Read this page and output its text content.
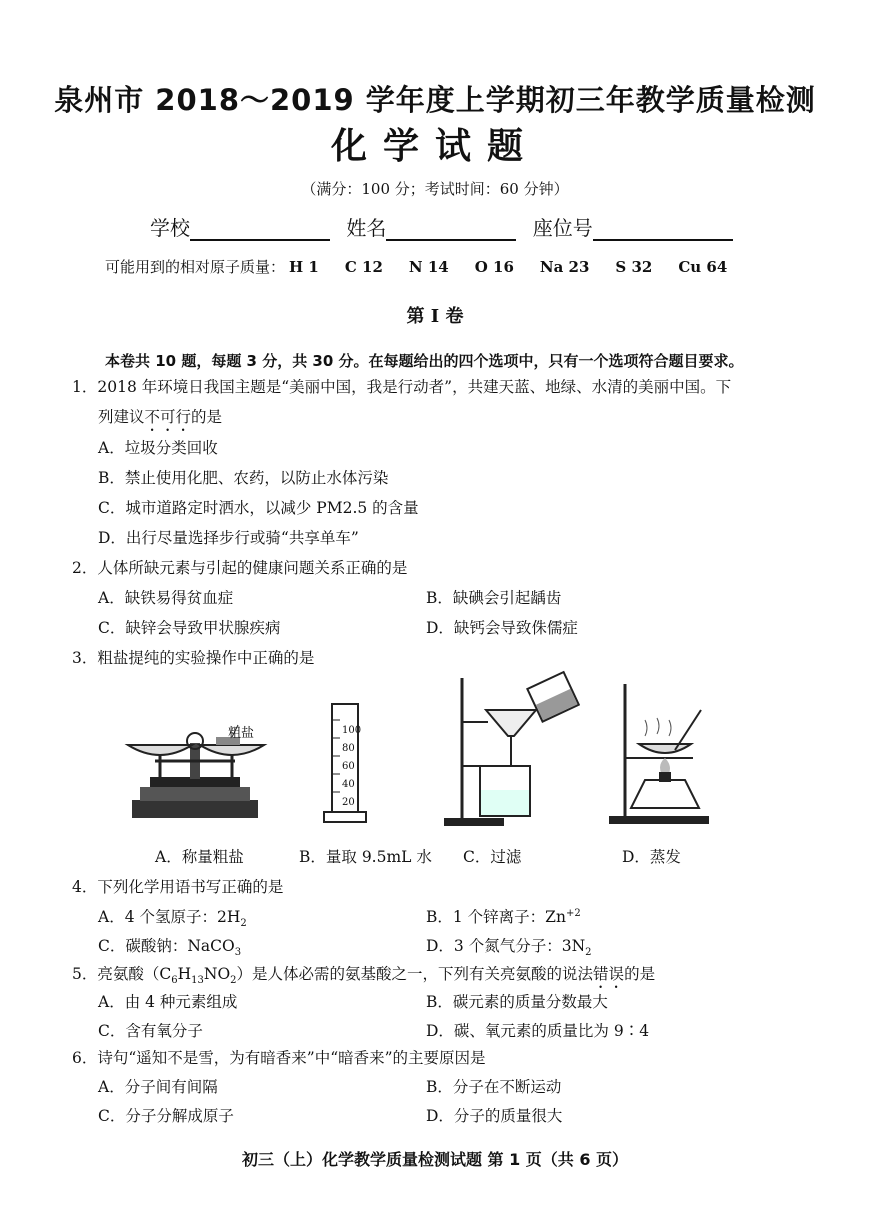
泉州市 2018～2019 学年度上学期初三年教学质量检测
化学试题
（满分：100 分；考试时间：60 分钟）
学校	姓名	座位号
可能用到的相对原子质量： H 1 C 12 N 14 O 16 Na 23 S 32 Cu 64
第 I 卷
本卷共 10 题，每题 3 分，共 30 分。在每题给出的四个选项中，只有一个选项符合题目要求。
1．2018 年环境日我国主题是“美丽中国，我是行动者”，共建天蓝、地绿、水清的美丽中国。下
列建议不可行的是
A．垃圾分类回收
B．禁止使用化肥、农药，以防止水体污染
C．城市道路定时洒水，以减少 PM2.5 的含量
D．出行尽量选择步行或骑“共享单车”
2．人体所缺元素与引起的健康问题关系正确的是
A．缺铁易得贫血症	B．缺碘会引起龋齿
C．缺锌会导致甲状腺疾病	D．缺钙会导致侏儒症
3．粗盐提纯的实验操作中正确的是
粗盐	100
80
60
40
20
A．称量粗盐	B．量取 9.5mL 水 C．过滤	D．蒸发
4．下列化学用语书写正确的是
A．4 个氢原子：$2H_2$	B．1 个锌离子：$Zn^{+2}$
C．碳酸钠：NaCO$_3$	D．3 个氮气分子：$3N_2$
5．亮氨酸$(C_6H_{13}NO_2)$是人体必需的氨基酸之一，下列有关亮氨酸的说法错误的是
A．由 4 种元素组成	B．碳元素的质量分数最大
C．含有氧分子	D．碳、氧元素的质量比为 9∶4
6．诗句“遥知不是雪，为有暗香来”中“暗香来”的主要原因是
A．分子间有间隔	B．分子在不断运动
C．分子分解成原子	D．分子的质量很大
初三（上）化学教学质量检测试题 第 1 页（共 6 页）
